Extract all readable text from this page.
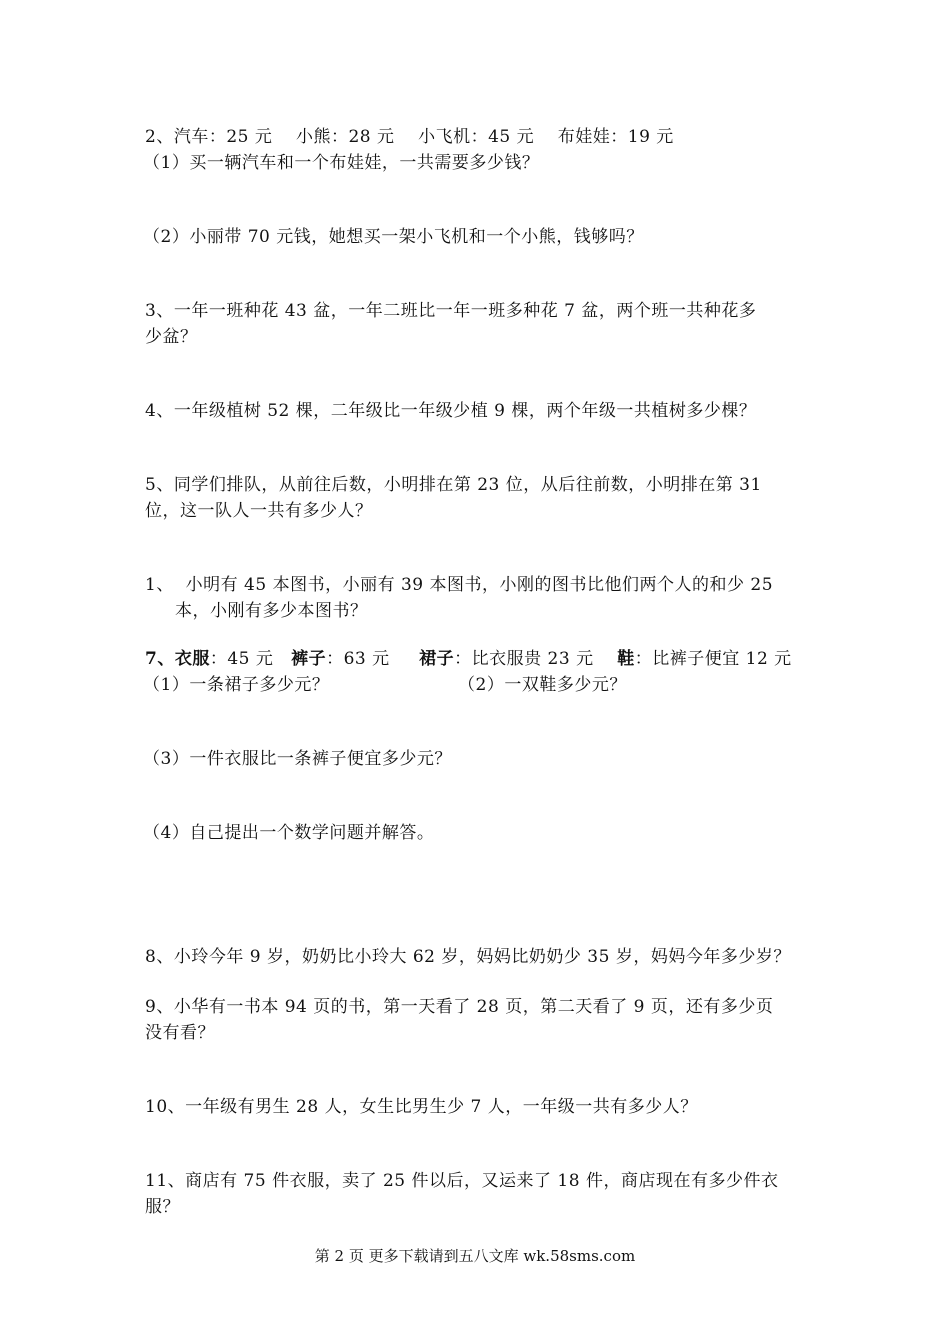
2、汽车：25 元    小熊：28 元    小飞机：45 元    布娃娃：19 元
（1）买一辆汽车和一个布娃娃，一共需要多少钱？
（2）小丽带 70 元钱，她想买一架小飞机和一个小熊，钱够吗？
3、一年一班种花 43 盆，一年二班比一年一班多种花 7 盆，两个班一共种花多
少盆？
4、一年级植树 52 棵，二年级比一年级少植 9 棵，两个年级一共植树多少棵？
5、同学们排队，从前往后数，小明排在第 23 位，从后往前数，小明排在第 31
位，这一队人一共有多少人？
1、  小明有 45 本图书，小丽有 39 本图书，小刚的图书比他们两个人的和少 25
本，小刚有多少本图书？
7、衣服：45 元   裤子：63 元     裙子：比衣服贵 23 元    鞋：比裤子便宜 12 元
（1）一条裙子多少元？	（2）一双鞋多少元？
（3）一件衣服比一条裤子便宜多少元？
（4）自己提出一个数学问题并解答。
8、小玲今年 9 岁，奶奶比小玲大 62 岁，妈妈比奶奶少 35 岁，妈妈今年多少岁？
9、小华有一书本 94 页的书，第一天看了 28 页，第二天看了 9 页，还有多少页
没有看？
10、一年级有男生 28 人，女生比男生少 7 人，一年级一共有多少人？
11、商店有 75 件衣服，卖了 25 件以后，又运来了 18 件，商店现在有多少件衣
服？
第 2 页 更多下载请到五八文库 wk.58sms.com
